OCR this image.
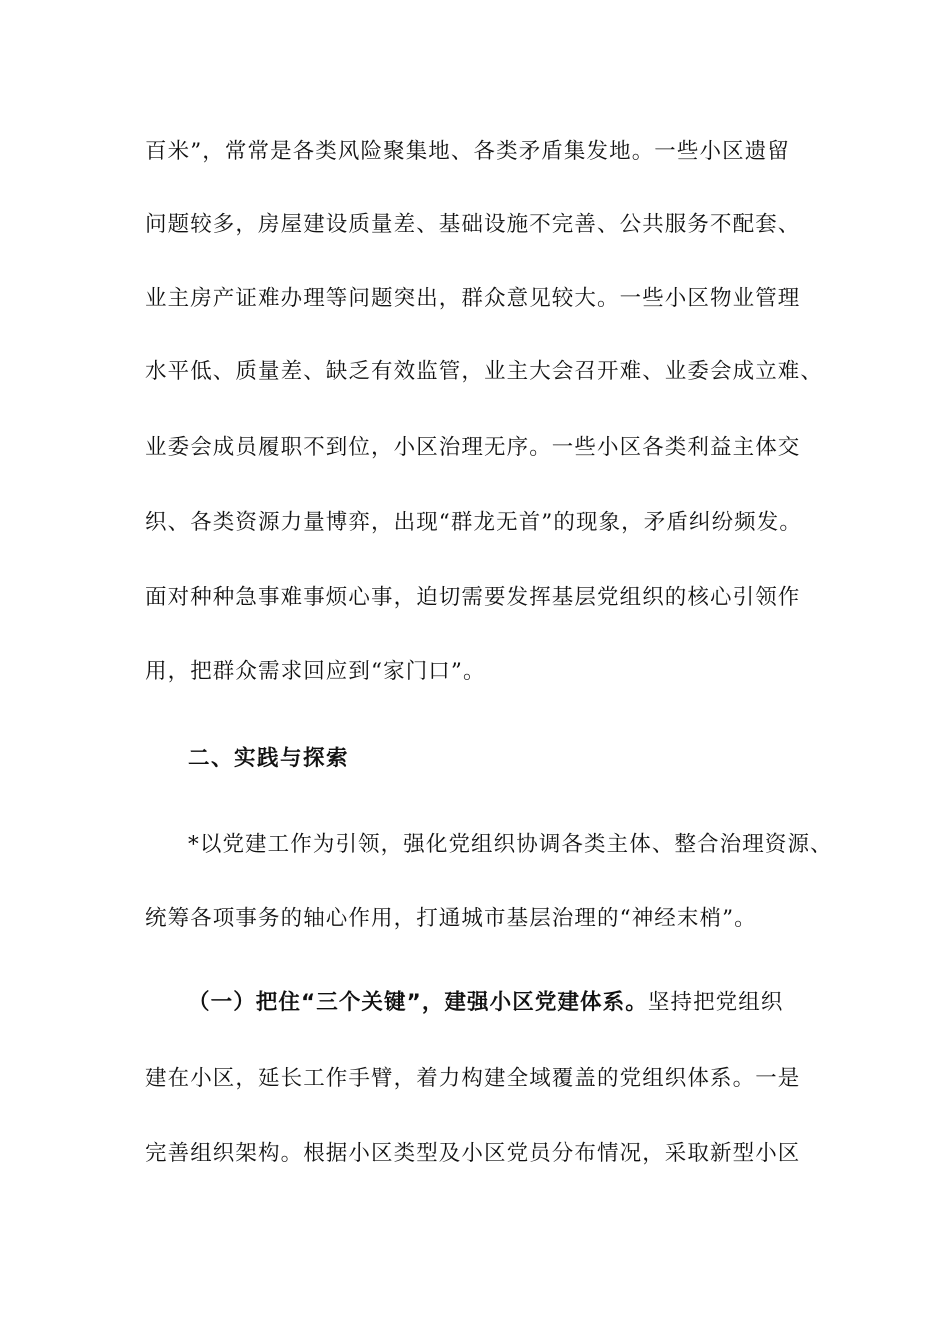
百米”，常常是各类风险聚集地、各类矛盾集发地。一些小区遗留
问题较多，房屋建设质量差、基础设施不完善、公共服务不配套、
业主房产证难办理等问题突出，群众意见较大。一些小区物业管理
水平低、质量差、缺乏有效监管，业主大会召开难、业委会成立难、
业委会成员履职不到位，小区治理无序。一些小区各类利益主体交
织、各类资源力量博弈，出现“群龙无首”的现象，矛盾纠纷频发。
面对种种急事难事烦心事，迫切需要发挥基层党组织的核心引领作
用，把群众需求回应到“家门口”。
二、实践与探索
*以党建工作为引领，强化党组织协调各类主体、整合治理资源、
统筹各项事务的轴心作用，打通城市基层治理的“神经末梢”。
（一）把住“三个关键”，建强小区党建体系。坚持把党组织
建在小区，延长工作手臂，着力构建全域覆盖的党组织体系。一是
完善组织架构。根据小区类型及小区党员分布情况，采取新型小区
